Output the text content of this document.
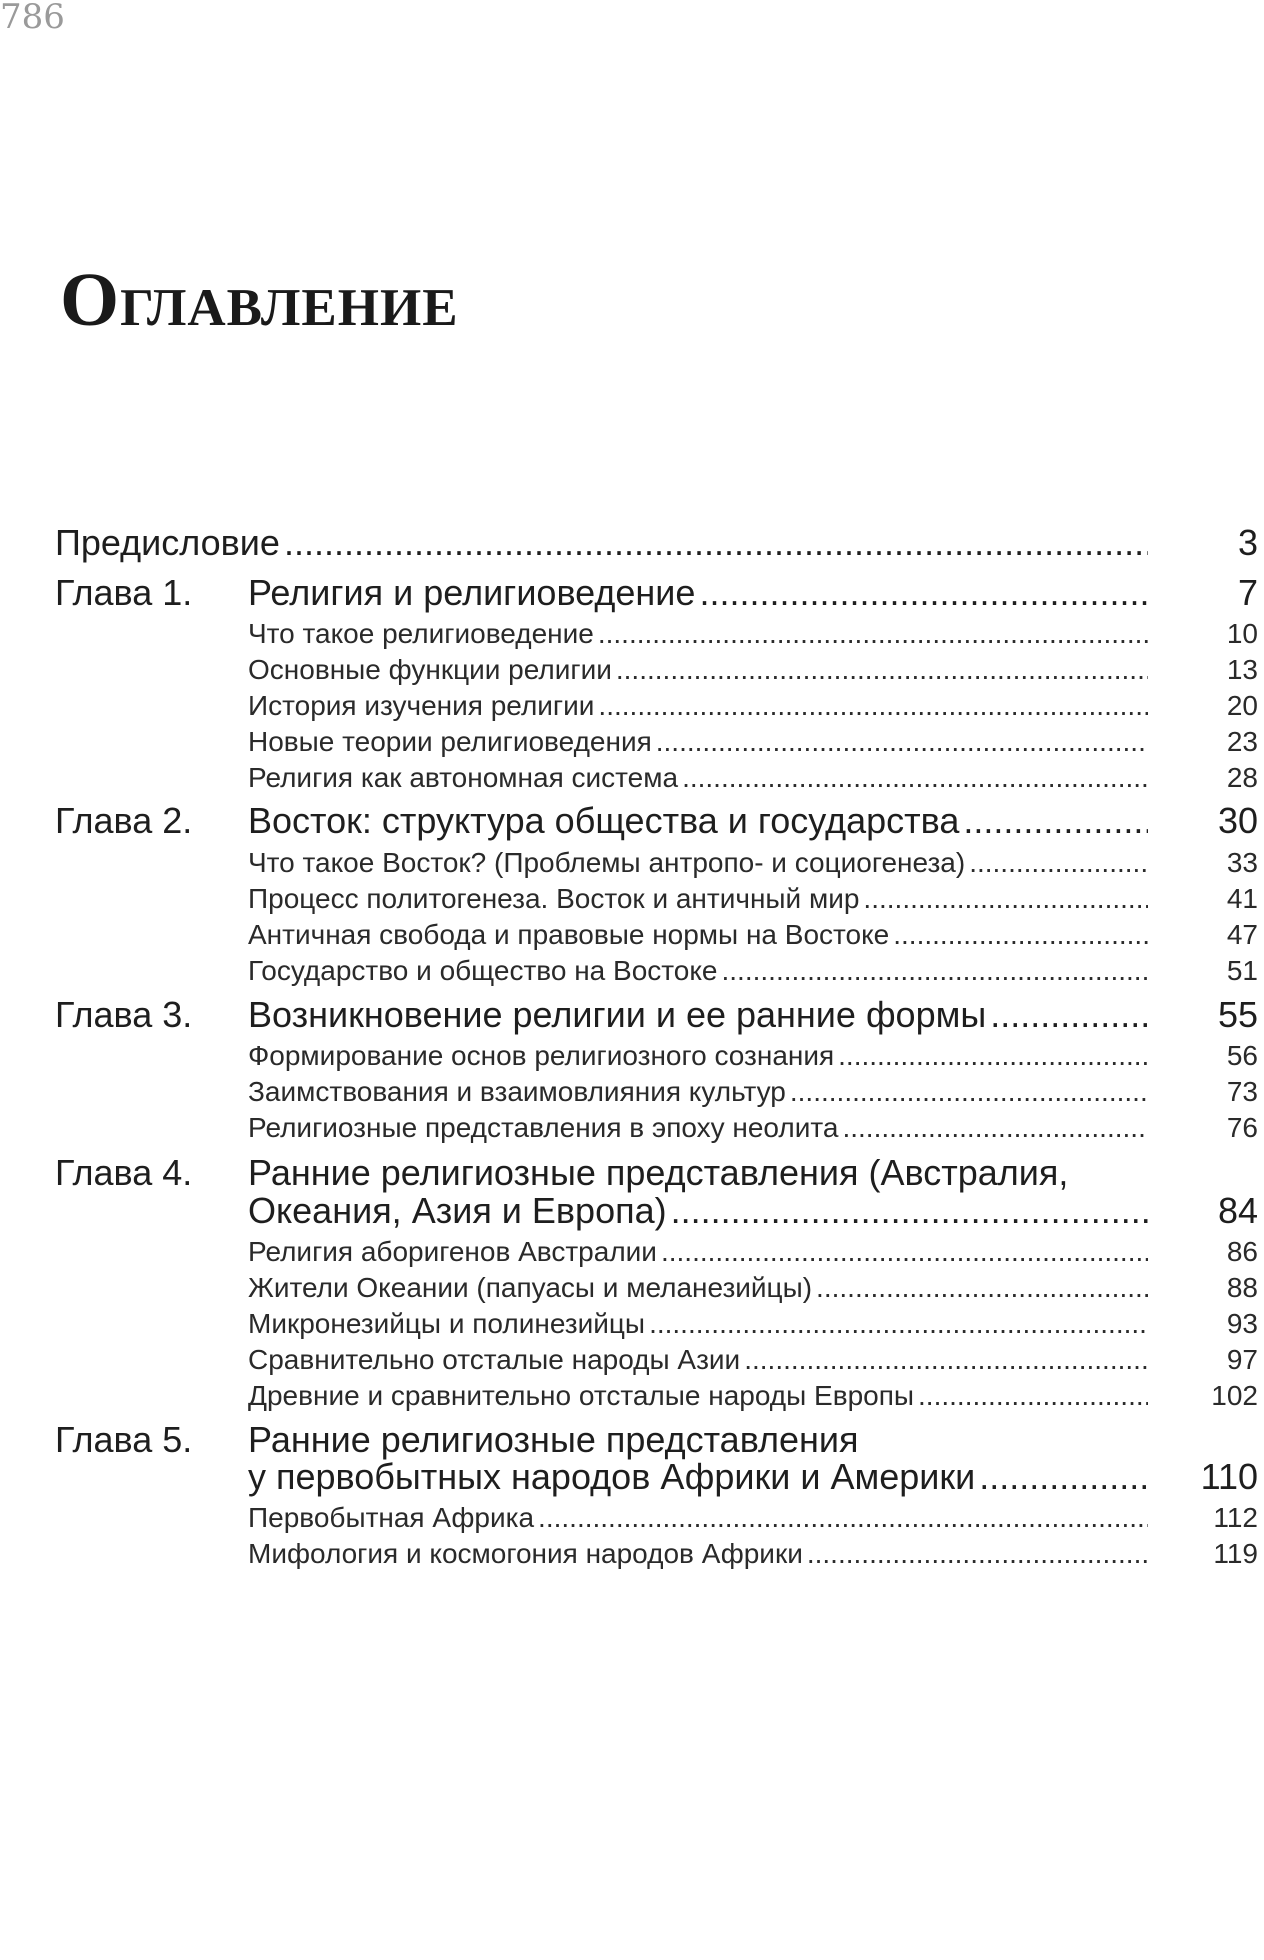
786
Оглавление
Предисловие .....	3
Глава 1. Религия и религиоведение .....	7
Что такое религиоведение .....	10
Основные функции религии .....	13
История изучения религии .....	20
Новые теории религиоведения .....	23
Религия как автономная система .....	28
Глава 2. Восток: структура общества и государства .....	30
Что такое Восток? (Проблемы антропо- и социогенеза) .....	33
Процесс политогенеза. Восток и античный мир .....	41
Античная свобода и правовые нормы на Востоке .....	47
Государство и общество на Востоке .....	51
Глава 3. Возникновение религии и ее ранние формы .....	55
Формирование основ религиозного сознания .....	56
Заимствования и взаимовлияния культур .....	73
Религиозные представления в эпоху неолита .....	76
Глава 4. Ранние религиозные представления (Австралия,
Океания, Азия и Европа) .....	84
Религия аборигенов Австралии .....	86
Жители Океании (папуасы и меланезийцы) .....	88
Микронезийцы и полинезийцы .....	93
Сравнительно отсталые народы Азии .....	97
Древние и сравнительно отсталые народы Европы .....	102
Глава 5. Ранние религиозные представления
у первобытных народов Африки и Америки .....	110
Первобытная Африка .....	112
Мифология и космогония народов Африки .....	119
